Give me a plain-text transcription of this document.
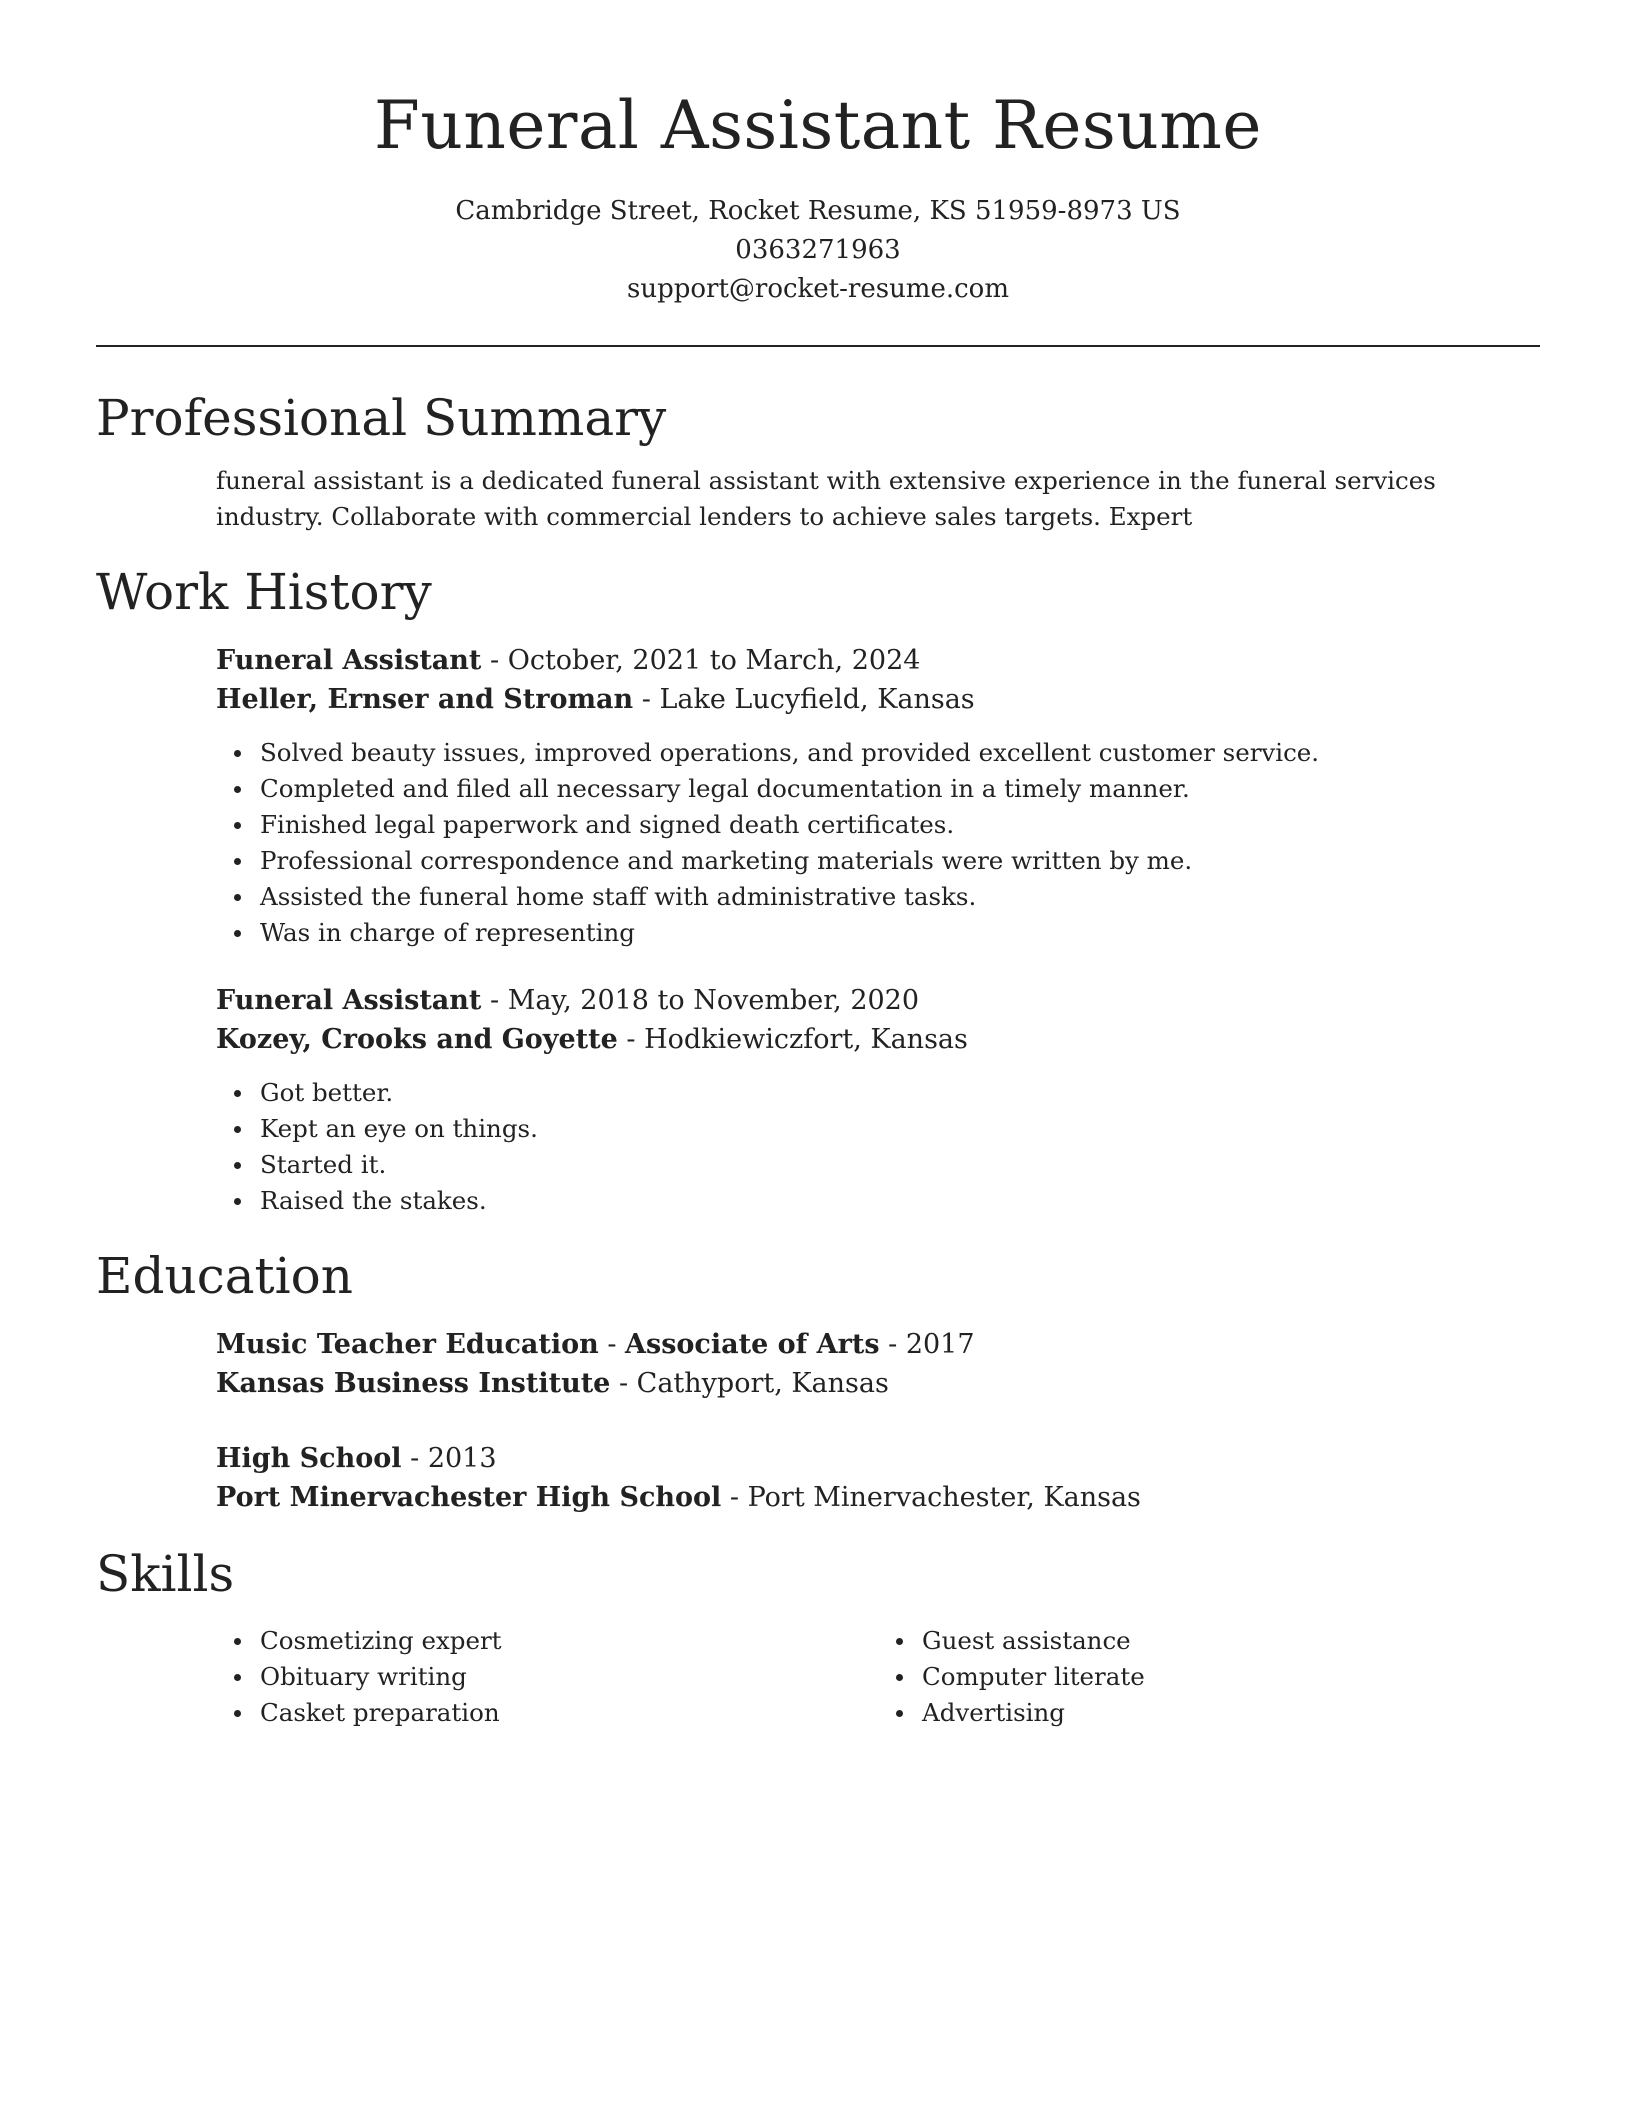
Funeral Assistant Resume
Cambridge Street, Rocket Resume, KS 51959-8973 US
0363271963
support@rocket-resume.com
Professional Summary
funeral assistant is a dedicated funeral assistant with extensive experience in the funeral services industry. Collaborate with commercial lenders to achieve sales targets. Expert
Work History
Funeral Assistant - October, 2021 to March, 2024
Heller, Ernser and Stroman - Lake Lucyfield, Kansas
Solved beauty issues, improved operations, and provided excellent customer service.
Completed and filed all necessary legal documentation in a timely manner.
Finished legal paperwork and signed death certificates.
Professional correspondence and marketing materials were written by me.
Assisted the funeral home staff with administrative tasks.
Was in charge of representing
Funeral Assistant - May, 2018 to November, 2020
Kozey, Crooks and Goyette - Hodkiewiczfort, Kansas
Got better.
Kept an eye on things.
Started it.
Raised the stakes.
Education
Music Teacher Education - Associate of Arts - 2017
Kansas Business Institute - Cathyport, Kansas
High School - 2013
Port Minervachester High School - Port Minervachester, Kansas
Skills
Cosmetizing expert
Obituary writing
Casket preparation
Guest assistance
Computer literate
Advertising
